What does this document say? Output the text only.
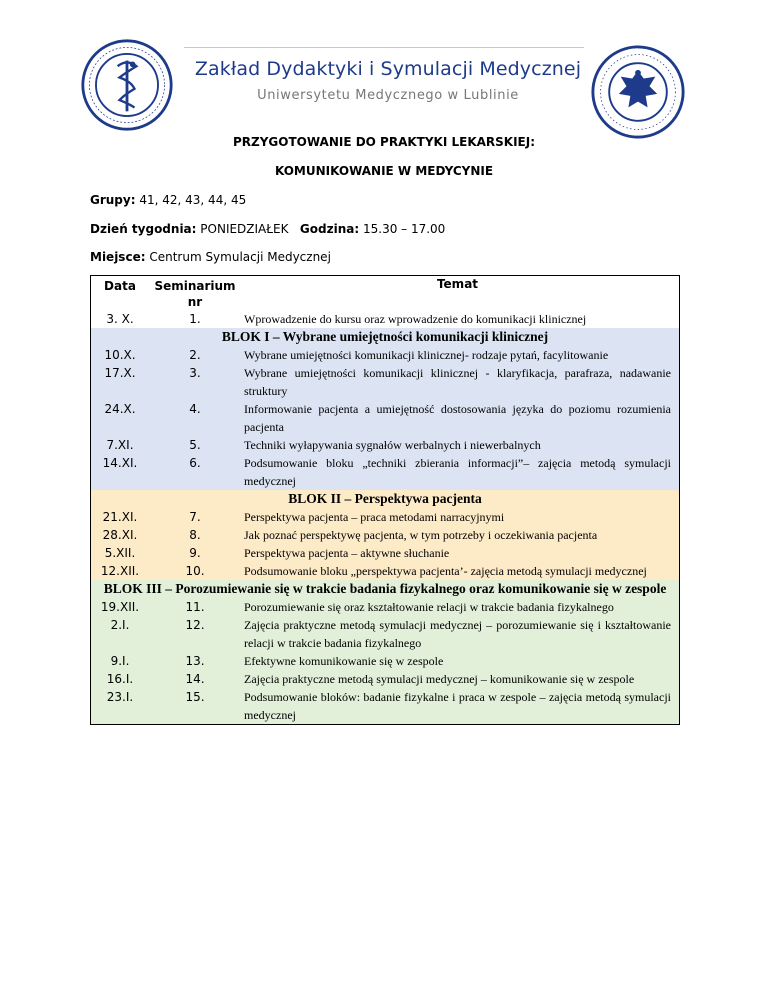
Zakład Dydaktyki i Symulacji Medycznej
Uniwersytetu Medycznego w Lublinie
PRZYGOTOWANIE DO PRAKTYKI LEKARSKIEJ:
KOMUNIKOWANIE W MEDYCYNIE
Grupy: 41, 42, 43, 44, 45
Dzień tygodnia: PONIEDZIAŁEK Godzina: 15.30 – 17.00
Miejsce: Centrum Symulacji Medycznej
Data	Seminarium nr	Temat
3. X.	1.	Wprowadzenie do kursu oraz wprowadzenie do komunikacji klinicznej
BLOK I – Wybrane umiejętności komunikacji klinicznej		
10.X.	2.	Wybrane umiejętności komunikacji klinicznej- rodzaje pytań, facylitowanie
17.X.	3.	Wybrane umiejętności komunikacji klinicznej - klaryfikacja, parafraza, nadawanie struktury
24.X.	4.	Informowanie pacjenta a umiejętność dostosowania języka do poziomu rozumienia pacjenta
7.XI.	5.	Techniki wyłapywania sygnałów werbalnych i niewerbalnych
14.XI.	6.	Podsumowanie bloku „techniki zbierania informacji”– zajęcia metodą symulacji medycznej
BLOK II – Perspektywa pacjenta		
21.XI.	7.	Perspektywa pacjenta – praca metodami narracyjnymi
28.XI.	8.	Jak poznać perspektywę pacjenta, w tym potrzeby i oczekiwania pacjenta
5.XII.	9.	Perspektywa pacjenta – aktywne słuchanie
12.XII.	10.	Podsumowanie bloku „perspektywa pacjenta’- zajęcia metodą symulacji medycznej
BLOK III – Porozumiewanie się w trakcie badania fizykalnego oraz komunikowanie się w zespole		
19.XII.	11.	Porozumiewanie się oraz kształtowanie relacji w trakcie badania fizykalnego
2.I.	12.	Zajęcia praktyczne metodą symulacji medycznej – porozumiewanie się i kształtowanie relacji w trakcie badania fizykalnego
9.I.	13.	Efektywne komunikowanie się w zespole
16.I.	14.	Zajęcia praktyczne metodą symulacji medycznej – komunikowanie się w zespole
23.I.	15.	Podsumowanie bloków: badanie fizykalne i praca w zespole – zajęcia metodą symulacji medycznej
